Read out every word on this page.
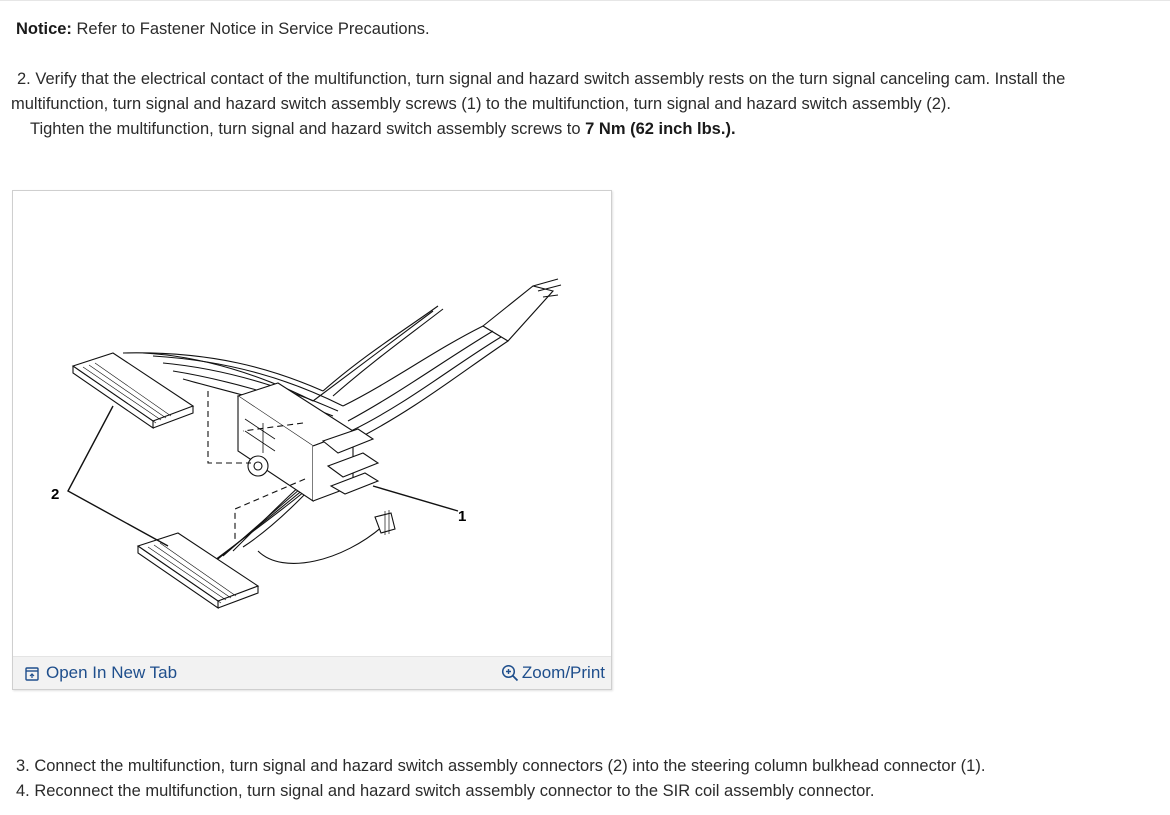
Notice: Refer to Fastener Notice in Service Precautions.
2. Verify that the electrical contact of the multifunction, turn signal and hazard switch assembly rests on the turn signal canceling cam. Install the
multifunction, turn signal and hazard switch assembly screws (1) to the multifunction, turn signal and hazard switch assembly (2).
Tighten the multifunction, turn signal and hazard switch assembly screws to 7 Nm (62 inch lbs.).
1
2
Open In New Tab	Zoom/Print
3. Connect the multifunction, turn signal and hazard switch assembly connectors (2) into the steering column bulkhead connector (1).
4. Reconnect the multifunction, turn signal and hazard switch assembly connector to the SIR coil assembly connector.
